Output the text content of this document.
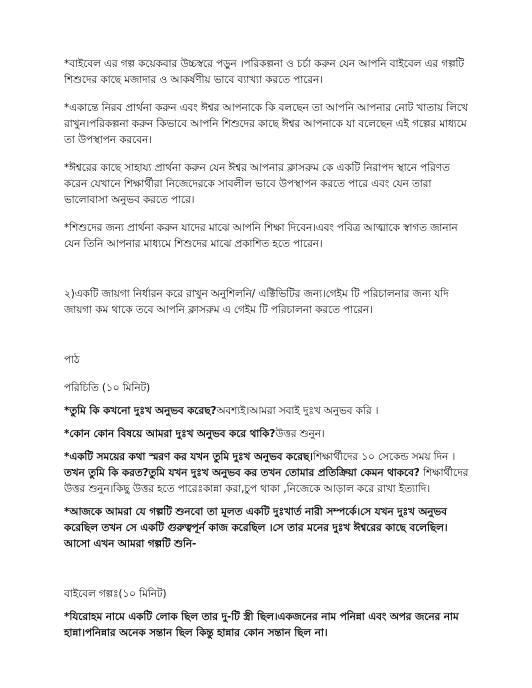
*বাইবেল এর গল্প কয়েকবার উচ্চস্বরে পড়ুন ।পরিকল্পনা ও চর্চা করুন যেন আপনি বাইবেল এর গল্পটি শিশুদের কাছে মজাদার ও আকর্ষণীয় ভাবে ব্যাখ্যা করতে পারেন।

*একান্তে নিরব প্রার্থনা করুন এবং ঈশ্বর আপনাকে কি বলছেন তা আপনি আপনার নোট খাতায় লিখে রাখুন।পরিকল্পনা করুন কিভাবে আপনি শিশুদের কাছে ঈশ্বর আপনাকে যা বলেছেন এই গল্পের মাধ্যমে তা উপস্থাপন করবেন।

*ঈশ্বরের কাছে সাহায্য প্রার্থনা করুন যেন ঈশ্বর আপনার ক্লাসরুম কে একটি নিরাপদ স্থানে পরিণত করেন যেখানে শিক্ষার্থীরা নিজেদেরকে সাবলীল ভাবে উপস্থাপন করতে পারে এবং যেন তারা ভালোবাসা অনুভব করতে পারে।

*শিশুদের জন্য প্রার্থনা করুন যাদের মাঝে আপনি শিক্ষা দিবেন।এবং পবিত্র আত্মাকে স্বাগত জানান যেন তিনি আপনার মাধ্যমে শিশুদের মাঝে প্রকাশিত হতে পারেন।

২)একটি জায়গা নির্ধারন করে রাখুন অনুশিলনি/ এক্টিভিটির জন্য।গেইম টি পরিচালনার জন্য যদি জায়গা কম থাকে তবে আপনি ক্লাসরুম এ গেইম টি পরিচালনা করতে পারেন।

পাঠ

পরিচিতি (১০ মিনিট)

*তুমি কি কখনো দুঃখ অনুভব করেছ?অবশ্যই।আমরা সবাই দুঃখ অনুভব করি ।

*কোন কোন বিষয়ে আমরা দুঃখ অনুভব করে থাকি?উত্তর শুনুন।

*একটি সময়ের কথা স্মরণ কর যখন তুমি দুঃখ অনুভব করেছ।শিক্ষার্থীদের ১০ সেকেন্ড সময় দিন ।তখন তুমি কি করত?তুমি যখন দুঃখ অনুভব কর তখন তোমার প্রতিক্রিয়া কেমন থাকবে? শিক্ষার্থীদের উত্তর শুনুন।কিছু উত্তর হতে পারেঃকান্না করা,চুপ থাকা ,নিজেকে আড়াল করে রাখা ইত্যাদি।

*আজকে আমরা যে গল্পটি শুনবো তা মূলত একটি দুঃখার্ত নারী সম্পর্কে।সে যখন দুঃখ অনুভব করেছিল তখন সে একটি গুরুত্বপূর্ন কাজ করেছিল ।সে তার মনের দুঃখ ঈশ্বরের কাছে বলেছিল।আসো এখন আমরা গল্পটি শুনি-

বাইবেল গল্পঃ(১০ মিনিট)

*যিরোহম নামে একটি লোক ছিল তার দু-টি স্ত্রী ছিল।একজনের নাম পনিন্না এবং অপর জনের নাম হান্না।পনিন্নার অনেক সন্তান ছিল কিন্তু হান্নার কোন সন্তান ছিল না।
